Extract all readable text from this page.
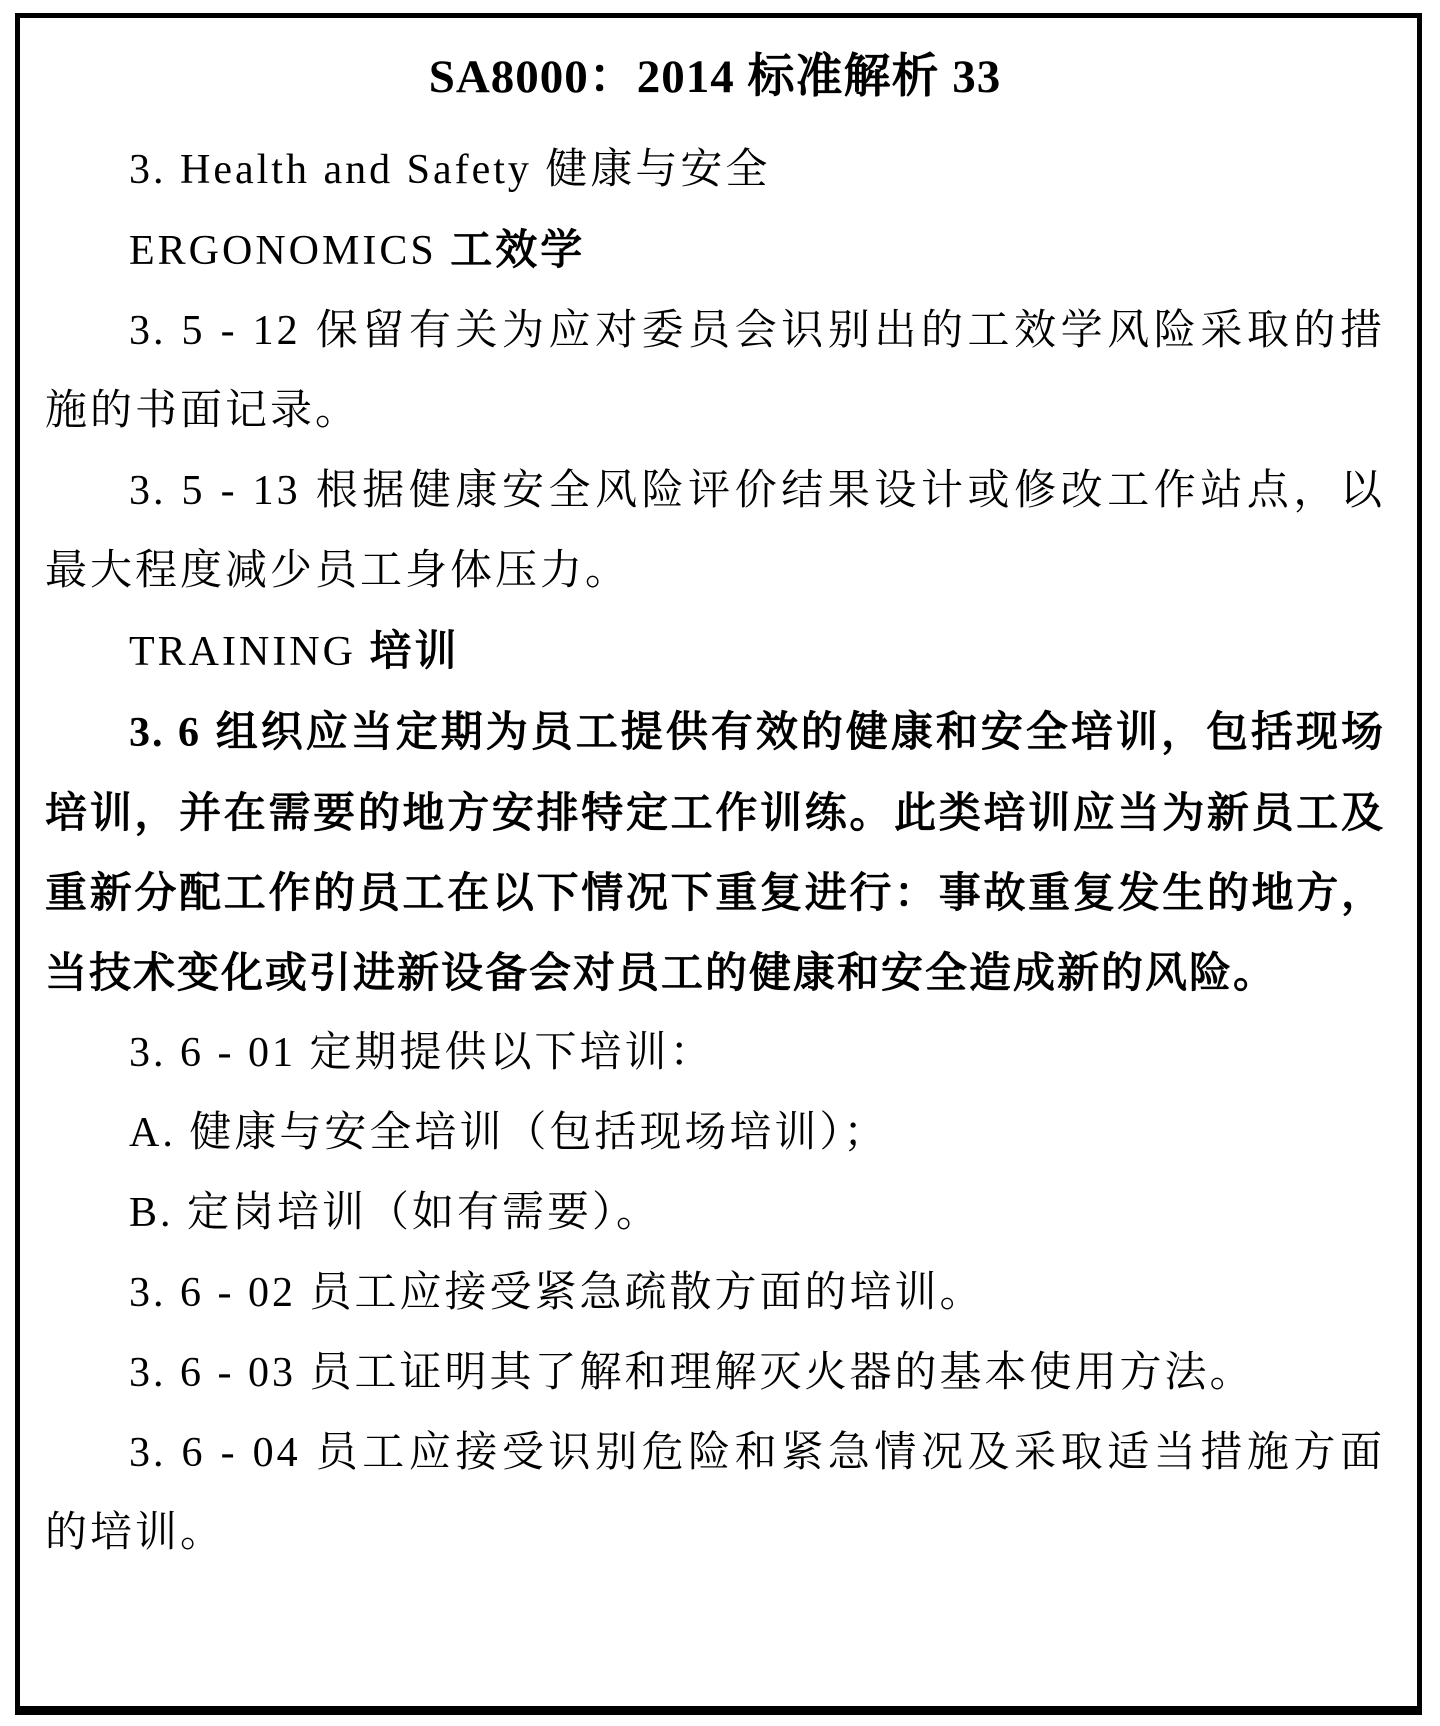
SA8000：2014 标准解析 33

3. Health and Safety 健康与安全

ERGONOMICS 工效学

3. 5 - 12 保留有关为应对委员会识别出的工效学风险采取的措施的书面记录。

3. 5 - 13 根据健康安全风险评价结果设计或修改工作站点，以最大程度减少员工身体压力。

TRAINING 培训

3. 6 组织应当定期为员工提供有效的健康和安全培训，包括现场培训，并在需要的地方安排特定工作训练。此类培训应当为新员工及重新分配工作的员工在以下情况下重复进行：事故重复发生的地方，当技术变化或引进新设备会对员工的健康和安全造成新的风险。

3. 6 - 01 定期提供以下培训：

A. 健康与安全培训（包括现场培训）；

B. 定岗培训（如有需要）。

3. 6 - 02 员工应接受紧急疏散方面的培训。

3. 6 - 03 员工证明其了解和理解灭火器的基本使用方法。

3. 6 - 04 员工应接受识别危险和紧急情况及采取适当措施方面的培训。
